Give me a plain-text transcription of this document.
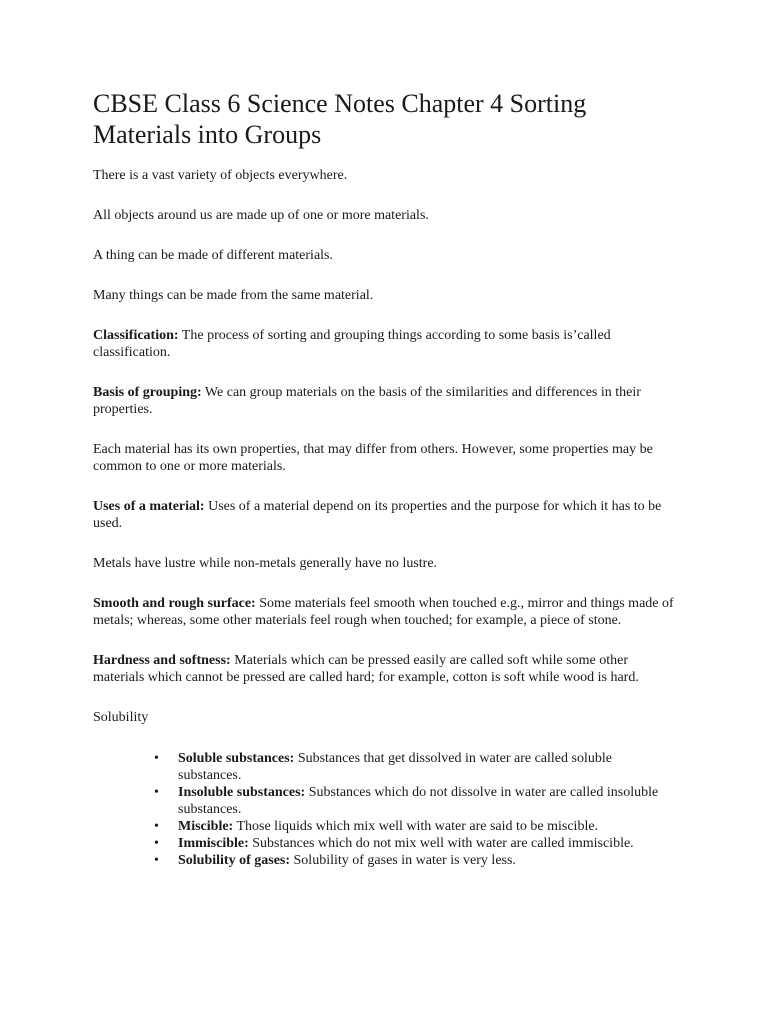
CBSE Class 6 Science Notes Chapter 4 Sorting Materials into Groups

There is a vast variety of objects everywhere.

All objects around us are made up of one or more materials.

A thing can be made of different materials.

Many things can be made from the same material.

Classification: The process of sorting and grouping things according to some basis is’called classification.

Basis of grouping: We can group materials on the basis of the similarities and differences in their properties.

Each material has its own properties, that may differ from others. However, some properties may be common to one or more materials.

Uses of a material: Uses of a material depend on its properties and the purpose for which it has to be used.

Metals have lustre while non-metals generally have no lustre.

Smooth and rough surface: Some materials feel smooth when touched e.g., mirror and things made of metals; whereas, some other materials feel rough when touched; for example, a piece of stone.

Hardness and softness: Materials which can be pressed easily are called soft while some other materials which cannot be pressed are called hard; for example, cotton is soft while wood is hard.

Solubility

• Soluble substances: Substances that get dissolved in water are called soluble substances.
• Insoluble substances: Substances which do not dissolve in water are called insoluble substances.
• Miscible: Those liquids which mix well with water are said to be miscible.
• Immiscible: Substances which do not mix well with water are called immiscible.
• Solubility of gases: Solubility of gases in water is very less.
